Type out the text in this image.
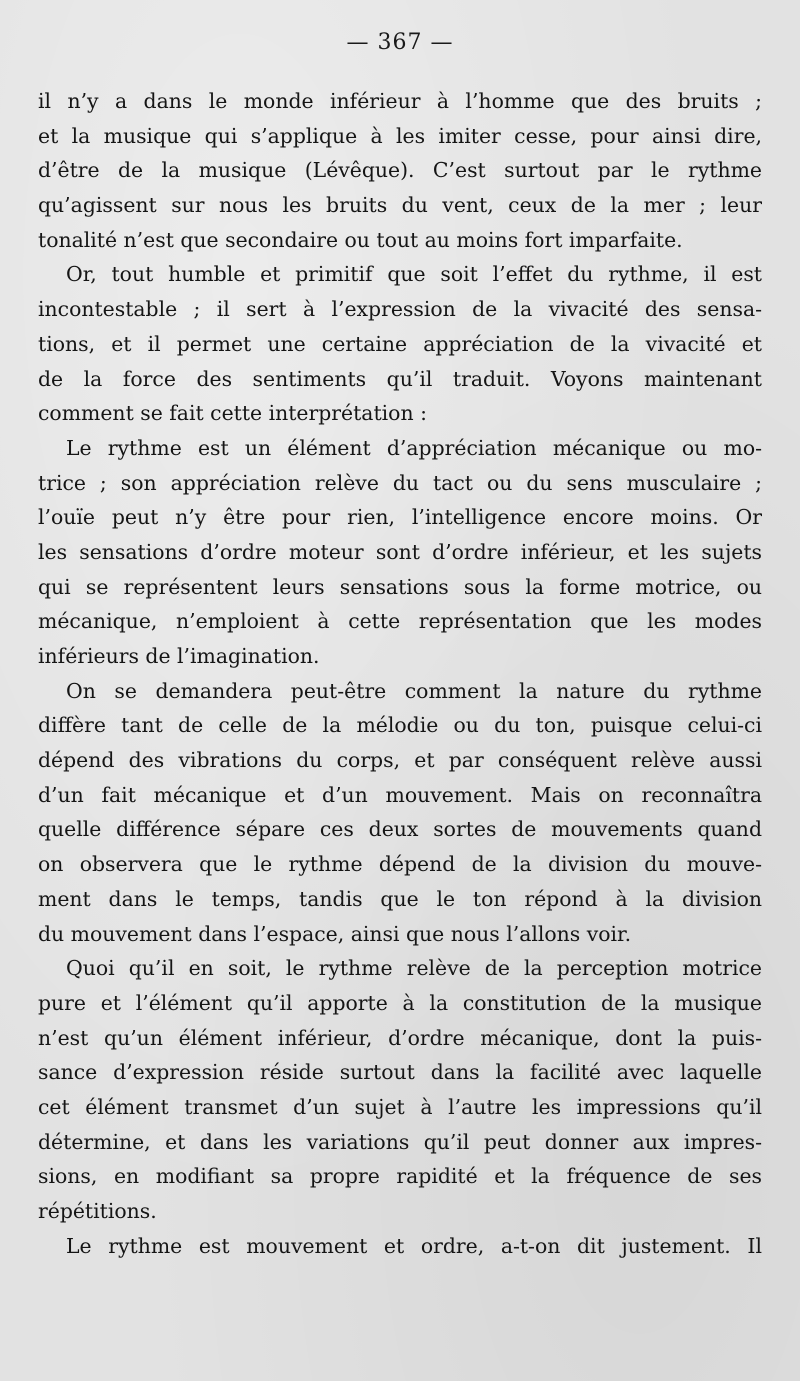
— 367 —
il n’y a dans le monde inférieur à l’homme que des bruits ;
et la musique qui s’applique à les imiter cesse, pour ainsi dire,
d’être de la musique (Lévêque). C’est surtout par le rythme
qu’agissent sur nous les bruits du vent, ceux de la mer ; leur
tonalité n’est que secondaire ou tout au moins fort imparfaite.
Or, tout humble et primitif que soit l’effet du rythme, il est
incontestable ; il sert à l’expression de la vivacité des sensa-
tions, et il permet une certaine appréciation de la vivacité et
de la force des sentiments qu’il traduit. Voyons maintenant
comment se fait cette interprétation :
Le rythme est un élément d’appréciation mécanique ou mo-
trice ; son appréciation relève du tact ou du sens musculaire ;
l’ouïe peut n’y être pour rien, l’intelligence encore moins. Or
les sensations d’ordre moteur sont d’ordre inférieur, et les sujets
qui se représentent leurs sensations sous la forme motrice, ou
mécanique, n’emploient à cette représentation que les modes
inférieurs de l’imagination.
On se demandera peut-être comment la nature du rythme
diffère tant de celle de la mélodie ou du ton, puisque celui-ci
dépend des vibrations du corps, et par conséquent relève aussi
d’un fait mécanique et d’un mouvement. Mais on reconnaîtra
quelle différence sépare ces deux sortes de mouvements quand
on observera que le rythme dépend de la division du mouve-
ment dans le temps, tandis que le ton répond à la division
du mouvement dans l’espace, ainsi que nous l’allons voir.
Quoi qu’il en soit, le rythme relève de la perception motrice
pure et l’élément qu’il apporte à la constitution de la musique
n’est qu’un élément inférieur, d’ordre mécanique, dont la puis-
sance d’expression réside surtout dans la facilité avec laquelle
cet élément transmet d’un sujet à l’autre les impressions qu’il
détermine, et dans les variations qu’il peut donner aux impres-
sions, en modifiant sa propre rapidité et la fréquence de ses
répétitions.
Le rythme est mouvement et ordre, a-t-on dit justement. Il
